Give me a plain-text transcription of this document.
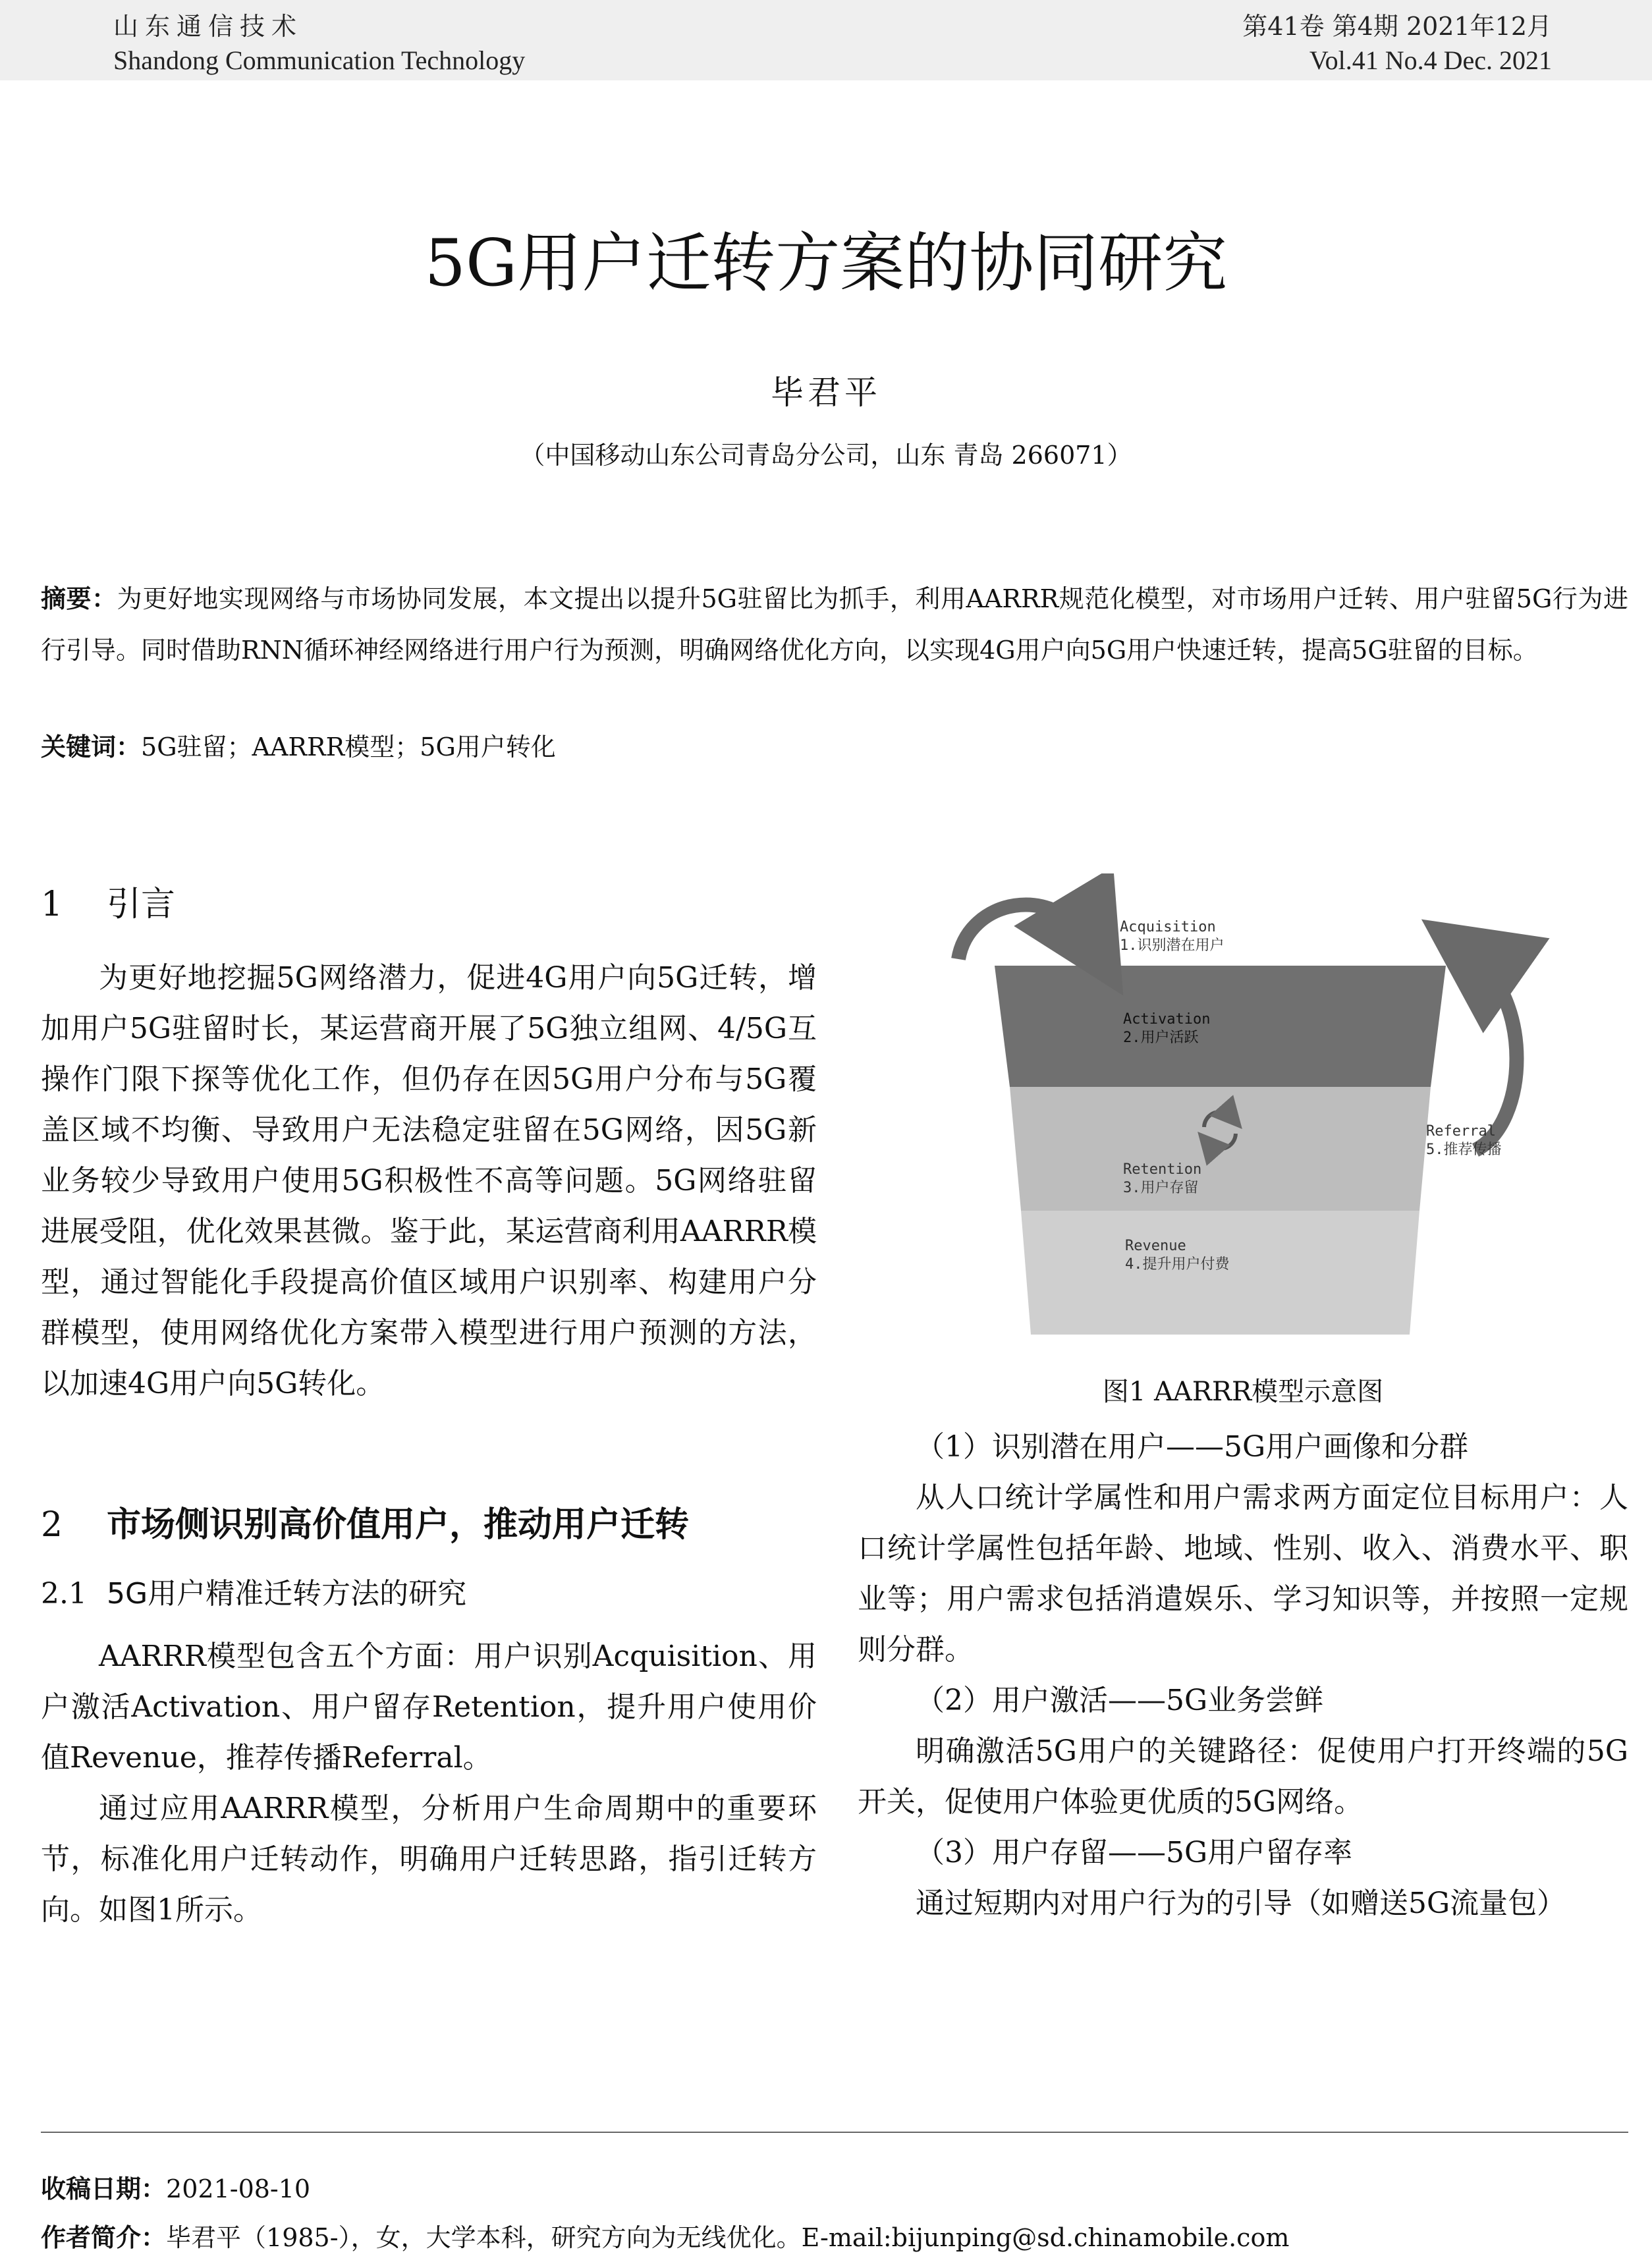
山东通信技术
Shandong Communication Technology
第41卷 第4期 2021年12月
Vol.41 No.4 Dec. 2021
5G用户迁转方案的协同研究
毕君平
（中国移动山东公司青岛分公司，山东 青岛 266071）
摘要：为更好地实现网络与市场协同发展，本文提出以提升5G驻留比为抓手，利用AARRR规范化模型，对市场用户迁转、用户驻留5G行为进行引导。同时借助RNN循环神经网络进行用户行为预测，明确网络优化方向，以实现4G用户向5G用户快速迁转，提高5G驻留的目标。
关键词：5G驻留；AARRR模型；5G用户转化
1 引言

为更好地挖掘5G网络潜力，促进4G用户向5G迁转，增加用户5G驻留时长，某运营商开展了5G独立组网、4/5G互操作门限下探等优化工作，但仍存在因5G用户分布与5G覆盖区域不均衡、导致用户无法稳定驻留在5G网络，因5G新业务较少导致用户使用5G积极性不高等问题。5G网络驻留进展受阻，优化效果甚微。鉴于此，某运营商利用AARRR模型，通过智能化手段提高价值区域用户识别率、构建用户分群模型，使用网络优化方案带入模型进行用户预测的方法，以加速4G用户向5G转化。

2 市场侧识别高价值用户，推动用户迁转
2.1 5G用户精准迁转方法的研究

AARRR模型包含五个方面：用户识别Acquisition、用户激活Activation、用户留存Retention，提升用户使用价值Revenue，推荐传播Referral。

通过应用AARRR模型，分析用户生命周期中的重要环节，标准化用户迁转动作，明确用户迁转思路，指引迁转方向。如图1所示。

Acquisition
1.识别潜在用户
Activation
2.用户活跃
Retention
3.用户存留
Revenue
4.提升用户付费
Referral
5.推荐传播
图1 AARRR模型示意图

（1）识别潜在用户——5G用户画像和分群

从人口统计学属性和用户需求两方面定位目标用户：人口统计学属性包括年龄、地域、性别、收入、消费水平、职业等；用户需求包括消遣娱乐、学习知识等，并按照一定规则分群。

（2）用户激活——5G业务尝鲜

明确激活5G用户的关键路径：促使用户打开终端的5G开关，促使用户体验更优质的5G网络。

（3）用户存留——5G用户留存率

通过短期内对用户行为的引导（如赠送5G流量包）

收稿日期：2021-08-10
作者简介：毕君平（1985-），女，大学本科，研究方向为无线优化。E-mail:bijunping@sd.chinamobile.com
